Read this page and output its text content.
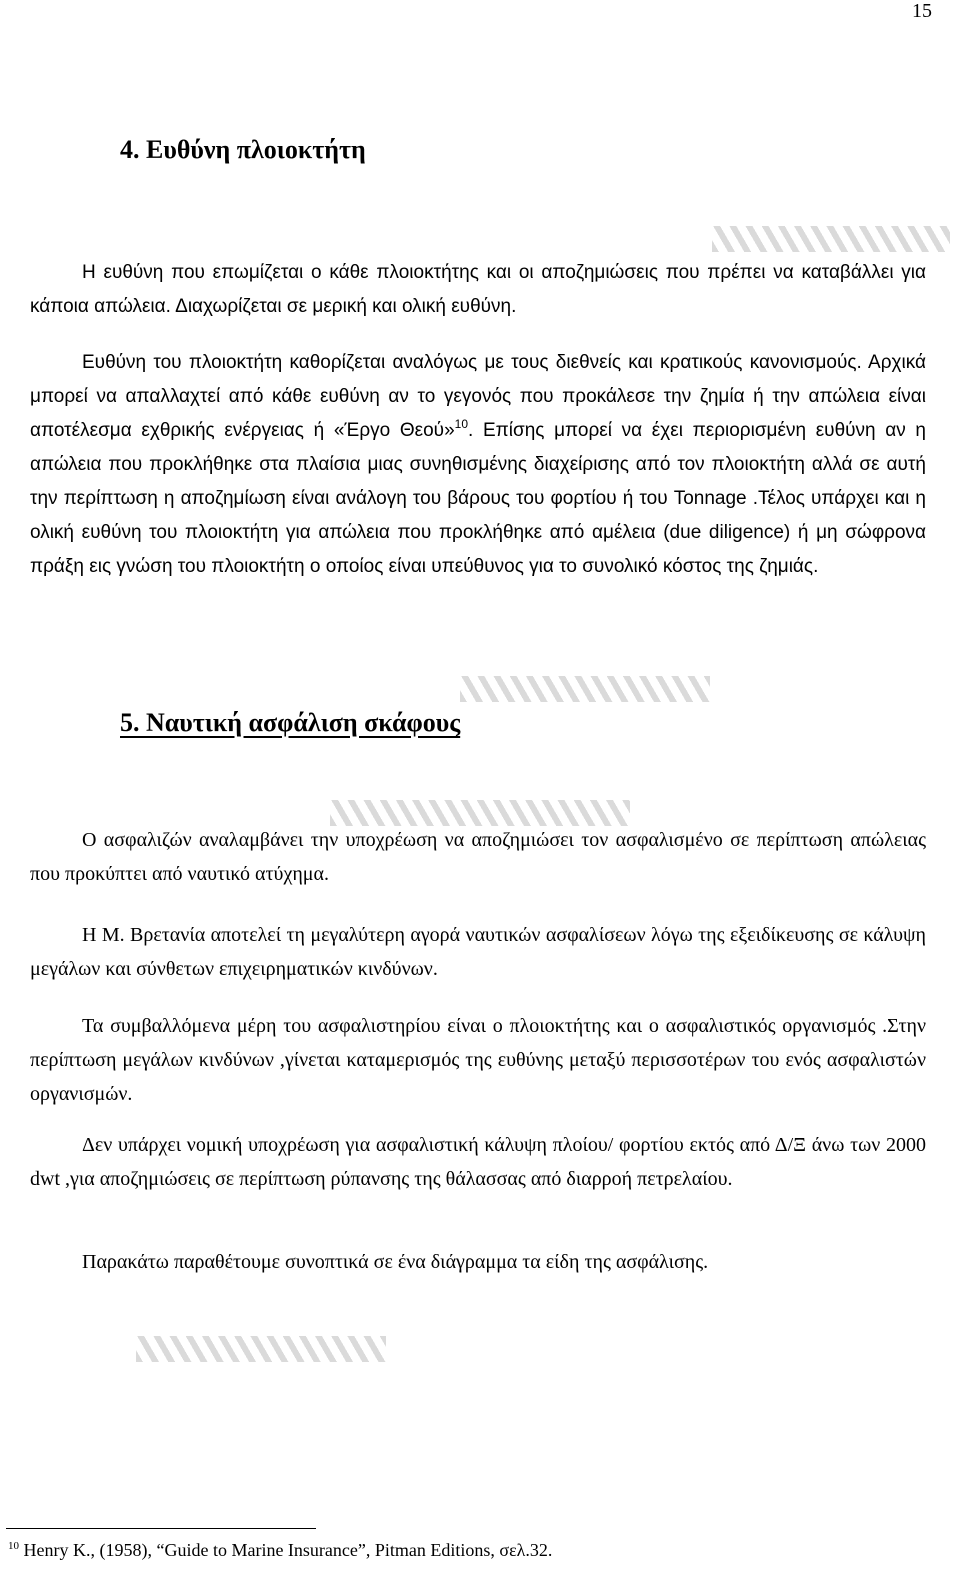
15
4. Ευθύνη πλοιοκτήτη

Η ευθύνη που επωμίζεται ο κάθε πλοιοκτήτης και οι αποζημιώσεις που πρέπει να καταβάλλει για κάποια απώλεια. Διαχωρίζεται σε μερική και ολική ευθύνη.

Ευθύνη του πλοιοκτήτη καθορίζεται αναλόγως με τους διεθνείς και κρατικούς κανονισμούς. Αρχικά μπορεί να απαλλαχτεί από κάθε ευθύνη αν το γεγονός που προκάλεσε την ζημία ή την απώλεια είναι αποτέλεσμα εχθρικής ενέργειας ή «Έργο Θεού»$^{10}$. Επίσης μπορεί να έχει περιορισμένη ευθύνη αν η απώλεια που προκλήθηκε στα πλαίσια μιας συνηθισμένης διαχείρισης από τον πλοιοκτήτη αλλά σε αυτή την περίπτωση η αποζημίωση είναι ανάλογη του βάρους του φορτίου ή του Tonnage .Τέλος υπάρχει και η ολική ευθύνη του πλοιοκτήτη για απώλεια που προκλήθηκε από αμέλεια (due diligence) ή μη σώφρονα πράξη εις γνώση του πλοιοκτήτη ο οποίος είναι υπεύθυνος για το συνολικό κόστος της ζημιάς.

5. Ναυτική ασφάλιση σκάφους

Ο ασφαλιζών αναλαμβάνει την υποχρέωση να αποζημιώσει τον ασφαλισμένο σε περίπτωση απώλειας που προκύπτει από ναυτικό ατύχημα.

Η Μ. Βρετανία αποτελεί τη μεγαλύτερη αγορά ναυτικών ασφαλίσεων λόγω της εξειδίκευσης σε κάλυψη μεγάλων και σύνθετων επιχειρηματικών κινδύνων.

Τα συμβαλλόμενα μέρη του ασφαλιστηρίου είναι ο πλοιοκτήτης και ο ασφαλιστικός οργανισμός .Στην περίπτωση μεγάλων κινδύνων ,γίνεται καταμερισμός της ευθύνης μεταξύ περισσοτέρων του ενός ασφαλιστών οργανισμών.

Δεν υπάρχει νομική υποχρέωση για ασφαλιστική κάλυψη πλοίου/ φορτίου εκτός από Δ/Ξ άνω των 2000 dwt ,για αποζημιώσεις σε περίπτωση ρύπανσης της θάλασσας από διαρροή πετρελαίου.

Παρακάτω παραθέτουμε συνοπτικά σε ένα διάγραμμα τα είδη της ασφάλισης.

$^{10}$ Henry K., (1958), “Guide to Marine Insurance”, Pitman Editions, σελ.32.
